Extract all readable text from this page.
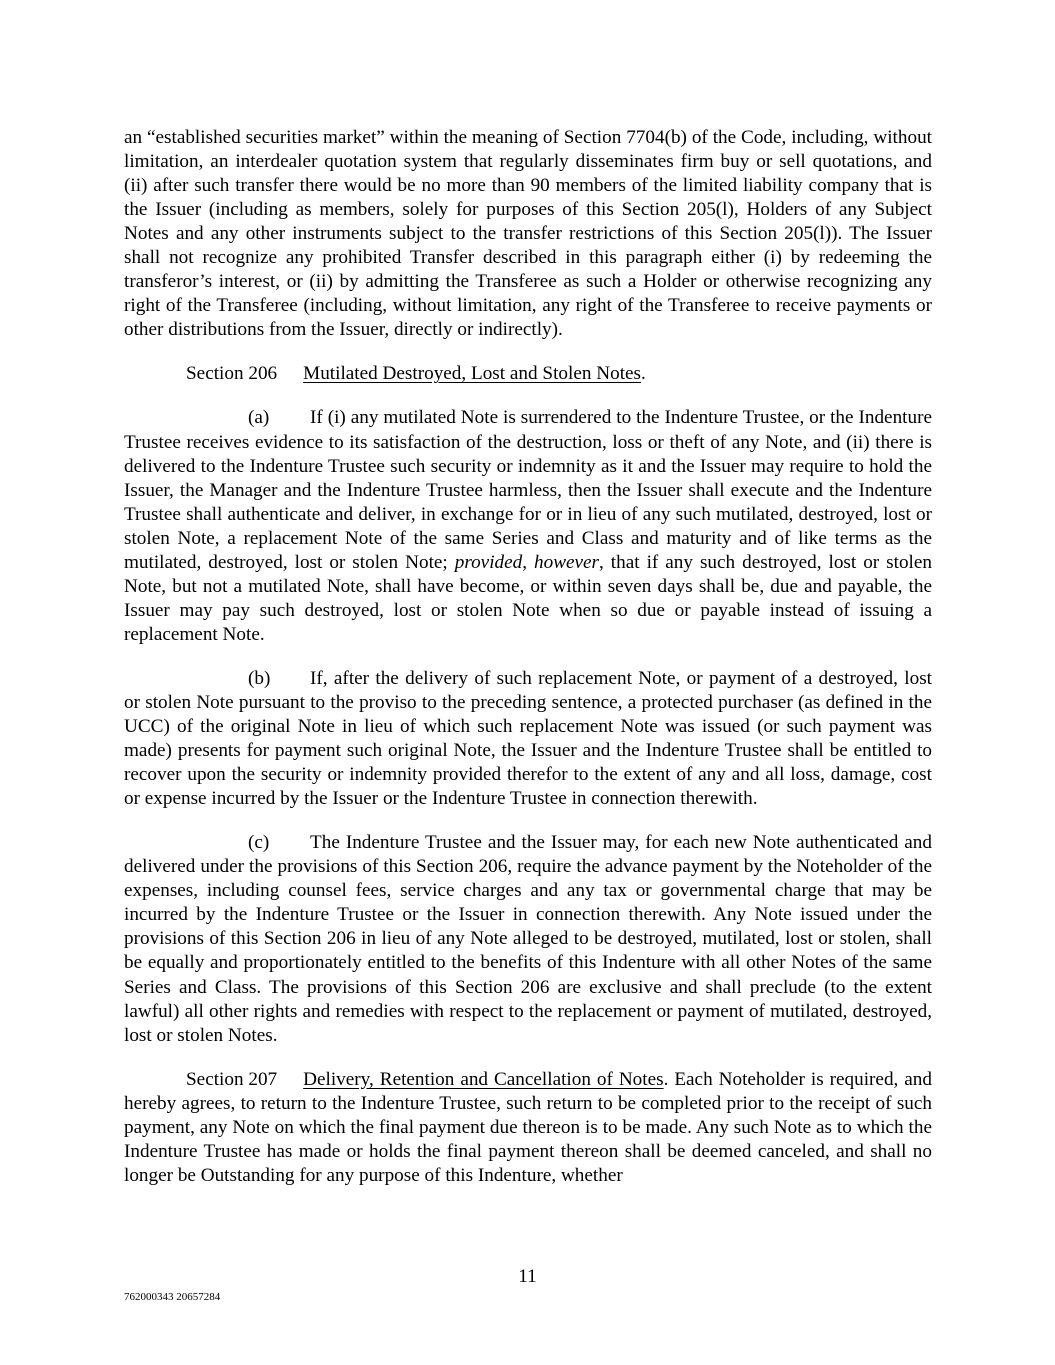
an “established securities market” within the meaning of Section 7704(b) of the Code, including, without limitation, an interdealer quotation system that regularly disseminates firm buy or sell quotations, and (ii) after such transfer there would be no more than 90 members of the limited liability company that is the Issuer (including as members, solely for purposes of this Section 205(l), Holders of any Subject Notes and any other instruments subject to the transfer restrictions of this Section 205(l)). The Issuer shall not recognize any prohibited Transfer described in this paragraph either (i) by redeeming the transferor’s interest, or (ii) by admitting the Transferee as such a Holder or otherwise recognizing any right of the Transferee (including, without limitation, any right of the Transferee to receive payments or other distributions from the Issuer, directly or indirectly).

Section 206 Mutilated Destroyed, Lost and Stolen Notes.

(a) If (i) any mutilated Note is surrendered to the Indenture Trustee, or the Indenture Trustee receives evidence to its satisfaction of the destruction, loss or theft of any Note, and (ii) there is delivered to the Indenture Trustee such security or indemnity as it and the Issuer may require to hold the Issuer, the Manager and the Indenture Trustee harmless, then the Issuer shall execute and the Indenture Trustee shall authenticate and deliver, in exchange for or in lieu of any such mutilated, destroyed, lost or stolen Note, a replacement Note of the same Series and Class and maturity and of like terms as the mutilated, destroyed, lost or stolen Note; provided, however, that if any such destroyed, lost or stolen Note, but not a mutilated Note, shall have become, or within seven days shall be, due and payable, the Issuer may pay such destroyed, lost or stolen Note when so due or payable instead of issuing a replacement Note.

(b) If, after the delivery of such replacement Note, or payment of a destroyed, lost or stolen Note pursuant to the proviso to the preceding sentence, a protected purchaser (as defined in the UCC) of the original Note in lieu of which such replacement Note was issued (or such payment was made) presents for payment such original Note, the Issuer and the Indenture Trustee shall be entitled to recover upon the security or indemnity provided therefor to the extent of any and all loss, damage, cost or expense incurred by the Issuer or the Indenture Trustee in connection therewith.

(c) The Indenture Trustee and the Issuer may, for each new Note authenticated and delivered under the provisions of this Section 206, require the advance payment by the Noteholder of the expenses, including counsel fees, service charges and any tax or governmental charge that may be incurred by the Indenture Trustee or the Issuer in connection therewith. Any Note issued under the provisions of this Section 206 in lieu of any Note alleged to be destroyed, mutilated, lost or stolen, shall be equally and proportionately entitled to the benefits of this Indenture with all other Notes of the same Series and Class. The provisions of this Section 206 are exclusive and shall preclude (to the extent lawful) all other rights and remedies with respect to the replacement or payment of mutilated, destroyed, lost or stolen Notes.

Section 207 Delivery, Retention and Cancellation of Notes. Each Noteholder is required, and hereby agrees, to return to the Indenture Trustee, such return to be completed prior to the receipt of such payment, any Note on which the final payment due thereon is to be made. Any such Note as to which the Indenture Trustee has made or holds the final payment thereon shall be deemed canceled, and shall no longer be Outstanding for any purpose of this Indenture, whether

11
762000343 20657284
